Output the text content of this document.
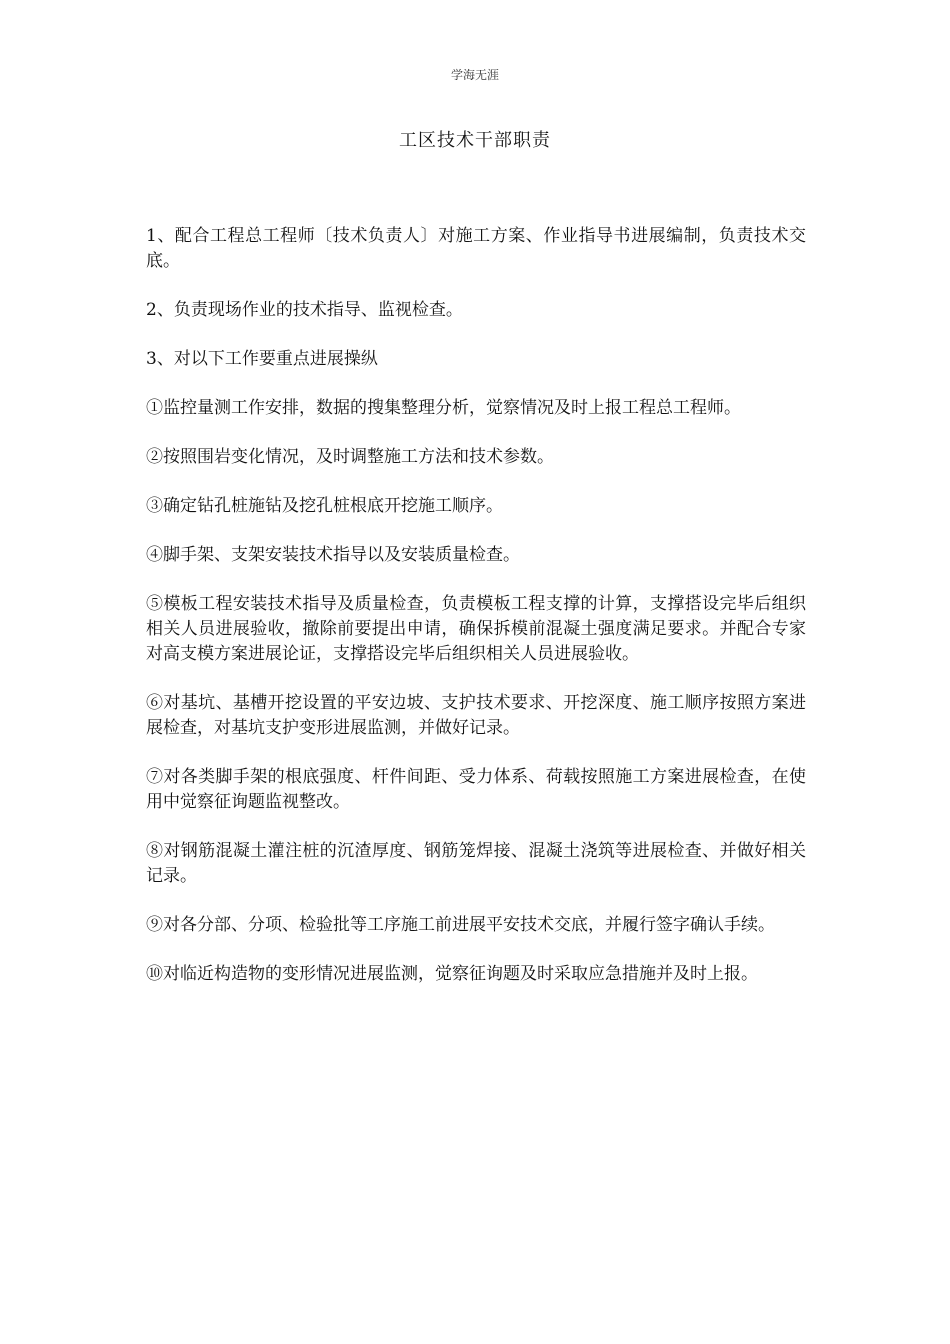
学海无涯
工区技术干部职责

1、配合工程总工程师〔技术负责人〕对施工方案、作业指导书进展编制，负责技术交底。

2、负责现场作业的技术指导、监视检查。

3、对以下工作要重点进展操纵

①监控量测工作安排，数据的搜集整理分析，觉察情况及时上报工程总工程师。

②按照围岩变化情况，及时调整施工方法和技术参数。

③确定钻孔桩施钻及挖孔桩根底开挖施工顺序。

④脚手架、支架安装技术指导以及安装质量检查。

⑤模板工程安装技术指导及质量检查，负责模板工程支撑的计算，支撑搭设完毕后组织相关人员进展验收，撤除前要提出申请，确保拆模前混凝土强度满足要求。并配合专家对高支模方案进展论证，支撑搭设完毕后组织相关人员进展验收。

⑥对基坑、基槽开挖设置的平安边坡、支护技术要求、开挖深度、施工顺序按照方案进展检查，对基坑支护变形进展监测，并做好记录。

⑦对各类脚手架的根底强度、杆件间距、受力体系、荷载按照施工方案进展检查，在使用中觉察征询题监视整改。

⑧对钢筋混凝土灌注桩的沉渣厚度、钢筋笼焊接、混凝土浇筑等进展检查、并做好相关记录。

⑨对各分部、分项、检验批等工序施工前进展平安技术交底，并履行签字确认手续。

⑩对临近构造物的变形情况进展监测，觉察征询题及时采取应急措施并及时上报。
